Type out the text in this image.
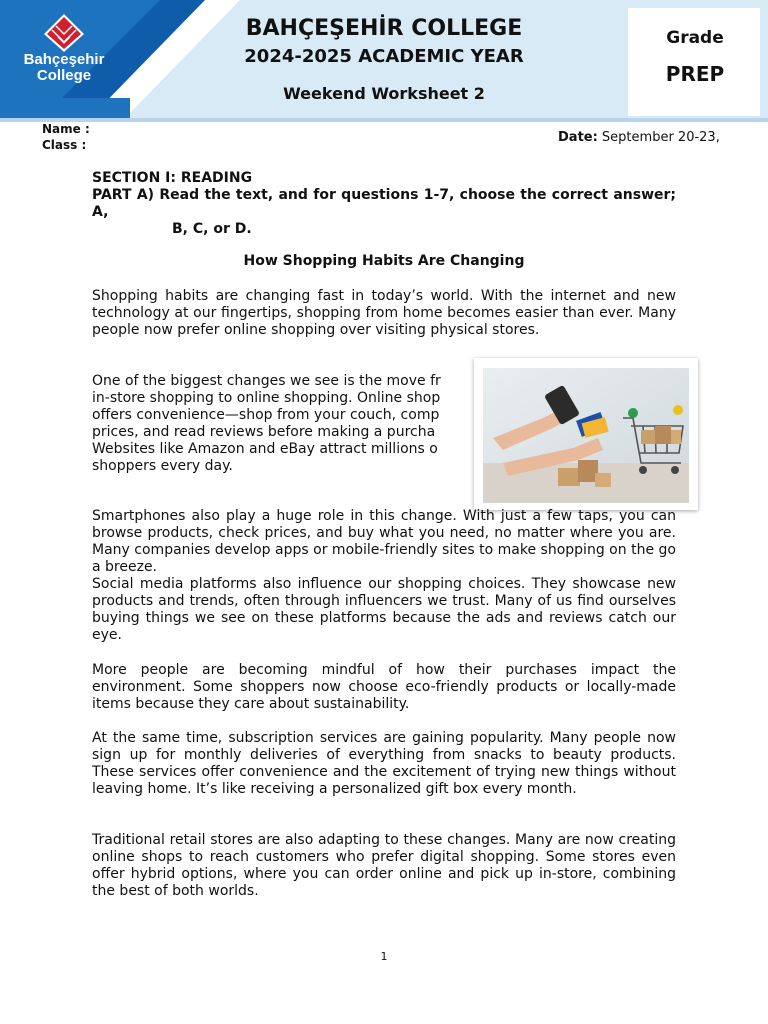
Bahçeşehir
College
BAHÇEŞEHİR COLLEGE
2024-2025 ACADEMIC YEAR
Weekend Worksheet 2
Grade
PREP
Name :
Class :	Date: September 20-23,
SECTION I: READING
PART A) Read the text, and for questions 1-7, choose the correct answer; A,
B, C, or D.
How Shopping Habits Are Changing

Shopping habits are changing fast in today’s world. With the internet and new technology at our fingertips, shopping from home becomes easier than ever. Many people now prefer online shopping over visiting physical stores.

One of the biggest changes we see is the move fr
in-store shopping to online shopping. Online shop
offers convenience—shop from your couch, comp
prices, and read reviews before making a purcha
Websites like Amazon and eBay attract millions o
shoppers every day.

Smartphones also play a huge role in this change. With just a few taps, you can browse products, check prices, and buy what you need, no matter where you are. Many companies develop apps or mobile-friendly sites to make shopping on the go a breeze.

Social media platforms also influence our shopping choices. They showcase new products and trends, often through influencers we trust. Many of us find ourselves buying things we see on these platforms because the ads and reviews catch our eye.

More people are becoming mindful of how their purchases impact the environment. Some shoppers now choose eco-friendly products or locally-made items because they care about sustainability.

At the same time, subscription services are gaining popularity. Many people now sign up for monthly deliveries of everything from snacks to beauty products. These services offer convenience and the excitement of trying new things without leaving home. It’s like receiving a personalized gift box every month.

Traditional retail stores are also adapting to these changes. Many are now creating online shops to reach customers who prefer digital shopping. Some stores even offer hybrid options, where you can order online and pick up in-store, combining the best of both worlds.

1
